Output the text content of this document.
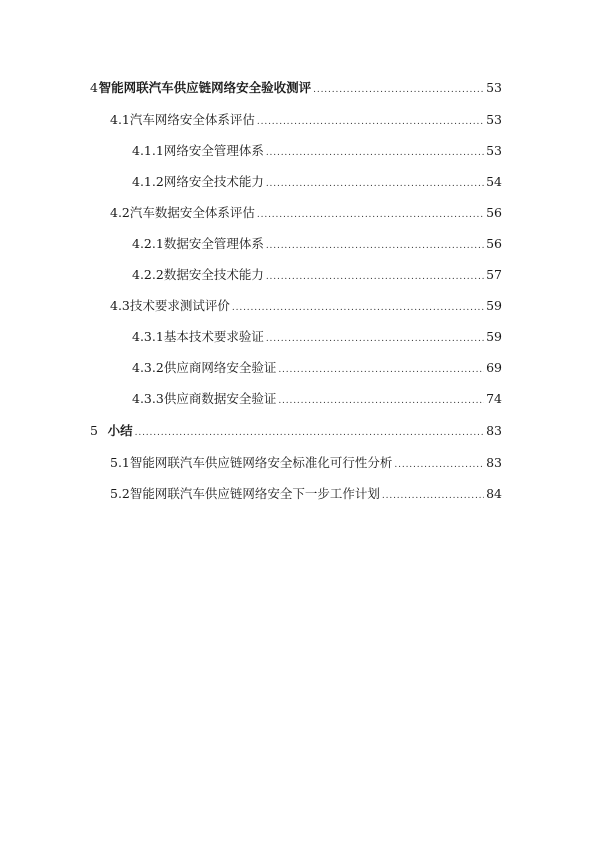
4 智能网联汽车供应链网络安全验收测评 . . .	53
4.1 汽车网络安全体系评估 . . .	53
4.1.1 网络安全管理体系 . . .	53
4.1.2 网络安全技术能力 . . .	54
4.2 汽车数据安全体系评估 . . .	56
4.2.1 数据安全管理体系 . . .	56
4.2.2 数据安全技术能力 . . .	57
4.3 技术要求测试评价 . . .	59
4.3.1 基本技术要求验证 . . .	59
4.3.2 供应商网络安全验证 . . .	69
4.3.3 供应商数据安全验证 . . .	74
5 小结 . . .	83
5.1 智能网联汽车供应链网络安全标准化可行性分析 . . .	83
5.2 智能网联汽车供应链网络安全下一步工作计划 . . .	84
